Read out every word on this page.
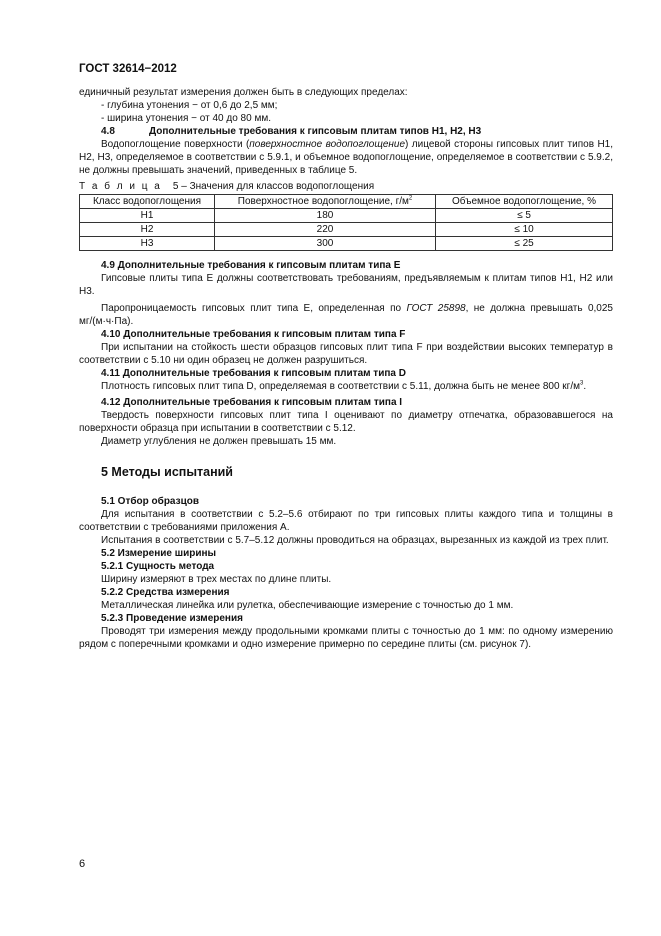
ГОСТ 32614−2012

единичный результат измерения должен быть в следующих пределах:

- глубина утонения − от 0,6 до 2,5 мм;

- ширина утонения − от 40 до 80 мм.

4.8	Дополнительные требования к гипсовым плитам типов Н1, Н2, Н3

Водопоглощение поверхности (поверхностное водопоглощение) лицевой стороны гипсовых плит типов Н1, Н2, Н3, определяемое в соответствии с 5.9.1, и объемное водопоглощение, определяемое в соответствии с 5.9.2, не должны превышать значений, приведенных в таблице 5.

Т а б л и ц а 5 – Значения для классов водопоглощения

Класс водопоглощения	Поверхностное водопоглощение, $г/м^2$	Объемное водопоглощение, %
Н1	180	≤ 5
Н2	220	≤ 10
Н3	300	≤ 25

4.9 Дополнительные требования к гипсовым плитам типа Е

Гипсовые плиты типа Е должны соответствовать требованиям, предъявляемым к плитам типов Н1, Н2 или Н3.

Паропроницаемость гипсовых плит типа Е, определенная по ГОСТ 25898, не должна превышать 0,025 мг/(м·ч·Па).

4.10 Дополнительные требования к гипсовым плитам типа F

При испытании на стойкость шести образцов гипсовых плит типа F при воздействии высоких температур в соответствии с 5.10 ни один образец не должен разрушиться.

4.11 Дополнительные требования к гипсовым плитам типа D

Плотность гипсовых плит типа D, определяемая в соответствии с 5.11, должна быть не менее 800 $кг/м^3$.

4.12 Дополнительные требования к гипсовым плитам типа I

Твердость поверхности гипсовых плит типа I оценивают по диаметру отпечатка, образовавшегося на поверхности образца при испытании в соответствии с 5.12.

Диаметр углубления не должен превышать 15 мм.

5 Методы испытаний

5.1 Отбор образцов

Для испытания в соответствии с 5.2–5.6 отбирают по три гипсовых плиты каждого типа и толщины в соответствии с требованиями приложения А.

Испытания в соответствии с 5.7–5.12 должны проводиться на образцах, вырезанных из каждой из трех плит.

5.2 Измерение ширины

5.2.1 Сущность метода

Ширину измеряют в трех местах по длине плиты.

5.2.2 Средства измерения

Металлическая линейка или рулетка, обеспечивающие измерение с точностью до 1 мм.

5.2.3 Проведение измерения

Проводят три измерения между продольными кромками плиты с точностью до 1 мм: по одному измерению рядом с поперечными кромками и одно измерение примерно по середине плиты (см. рисунок 7).

6
